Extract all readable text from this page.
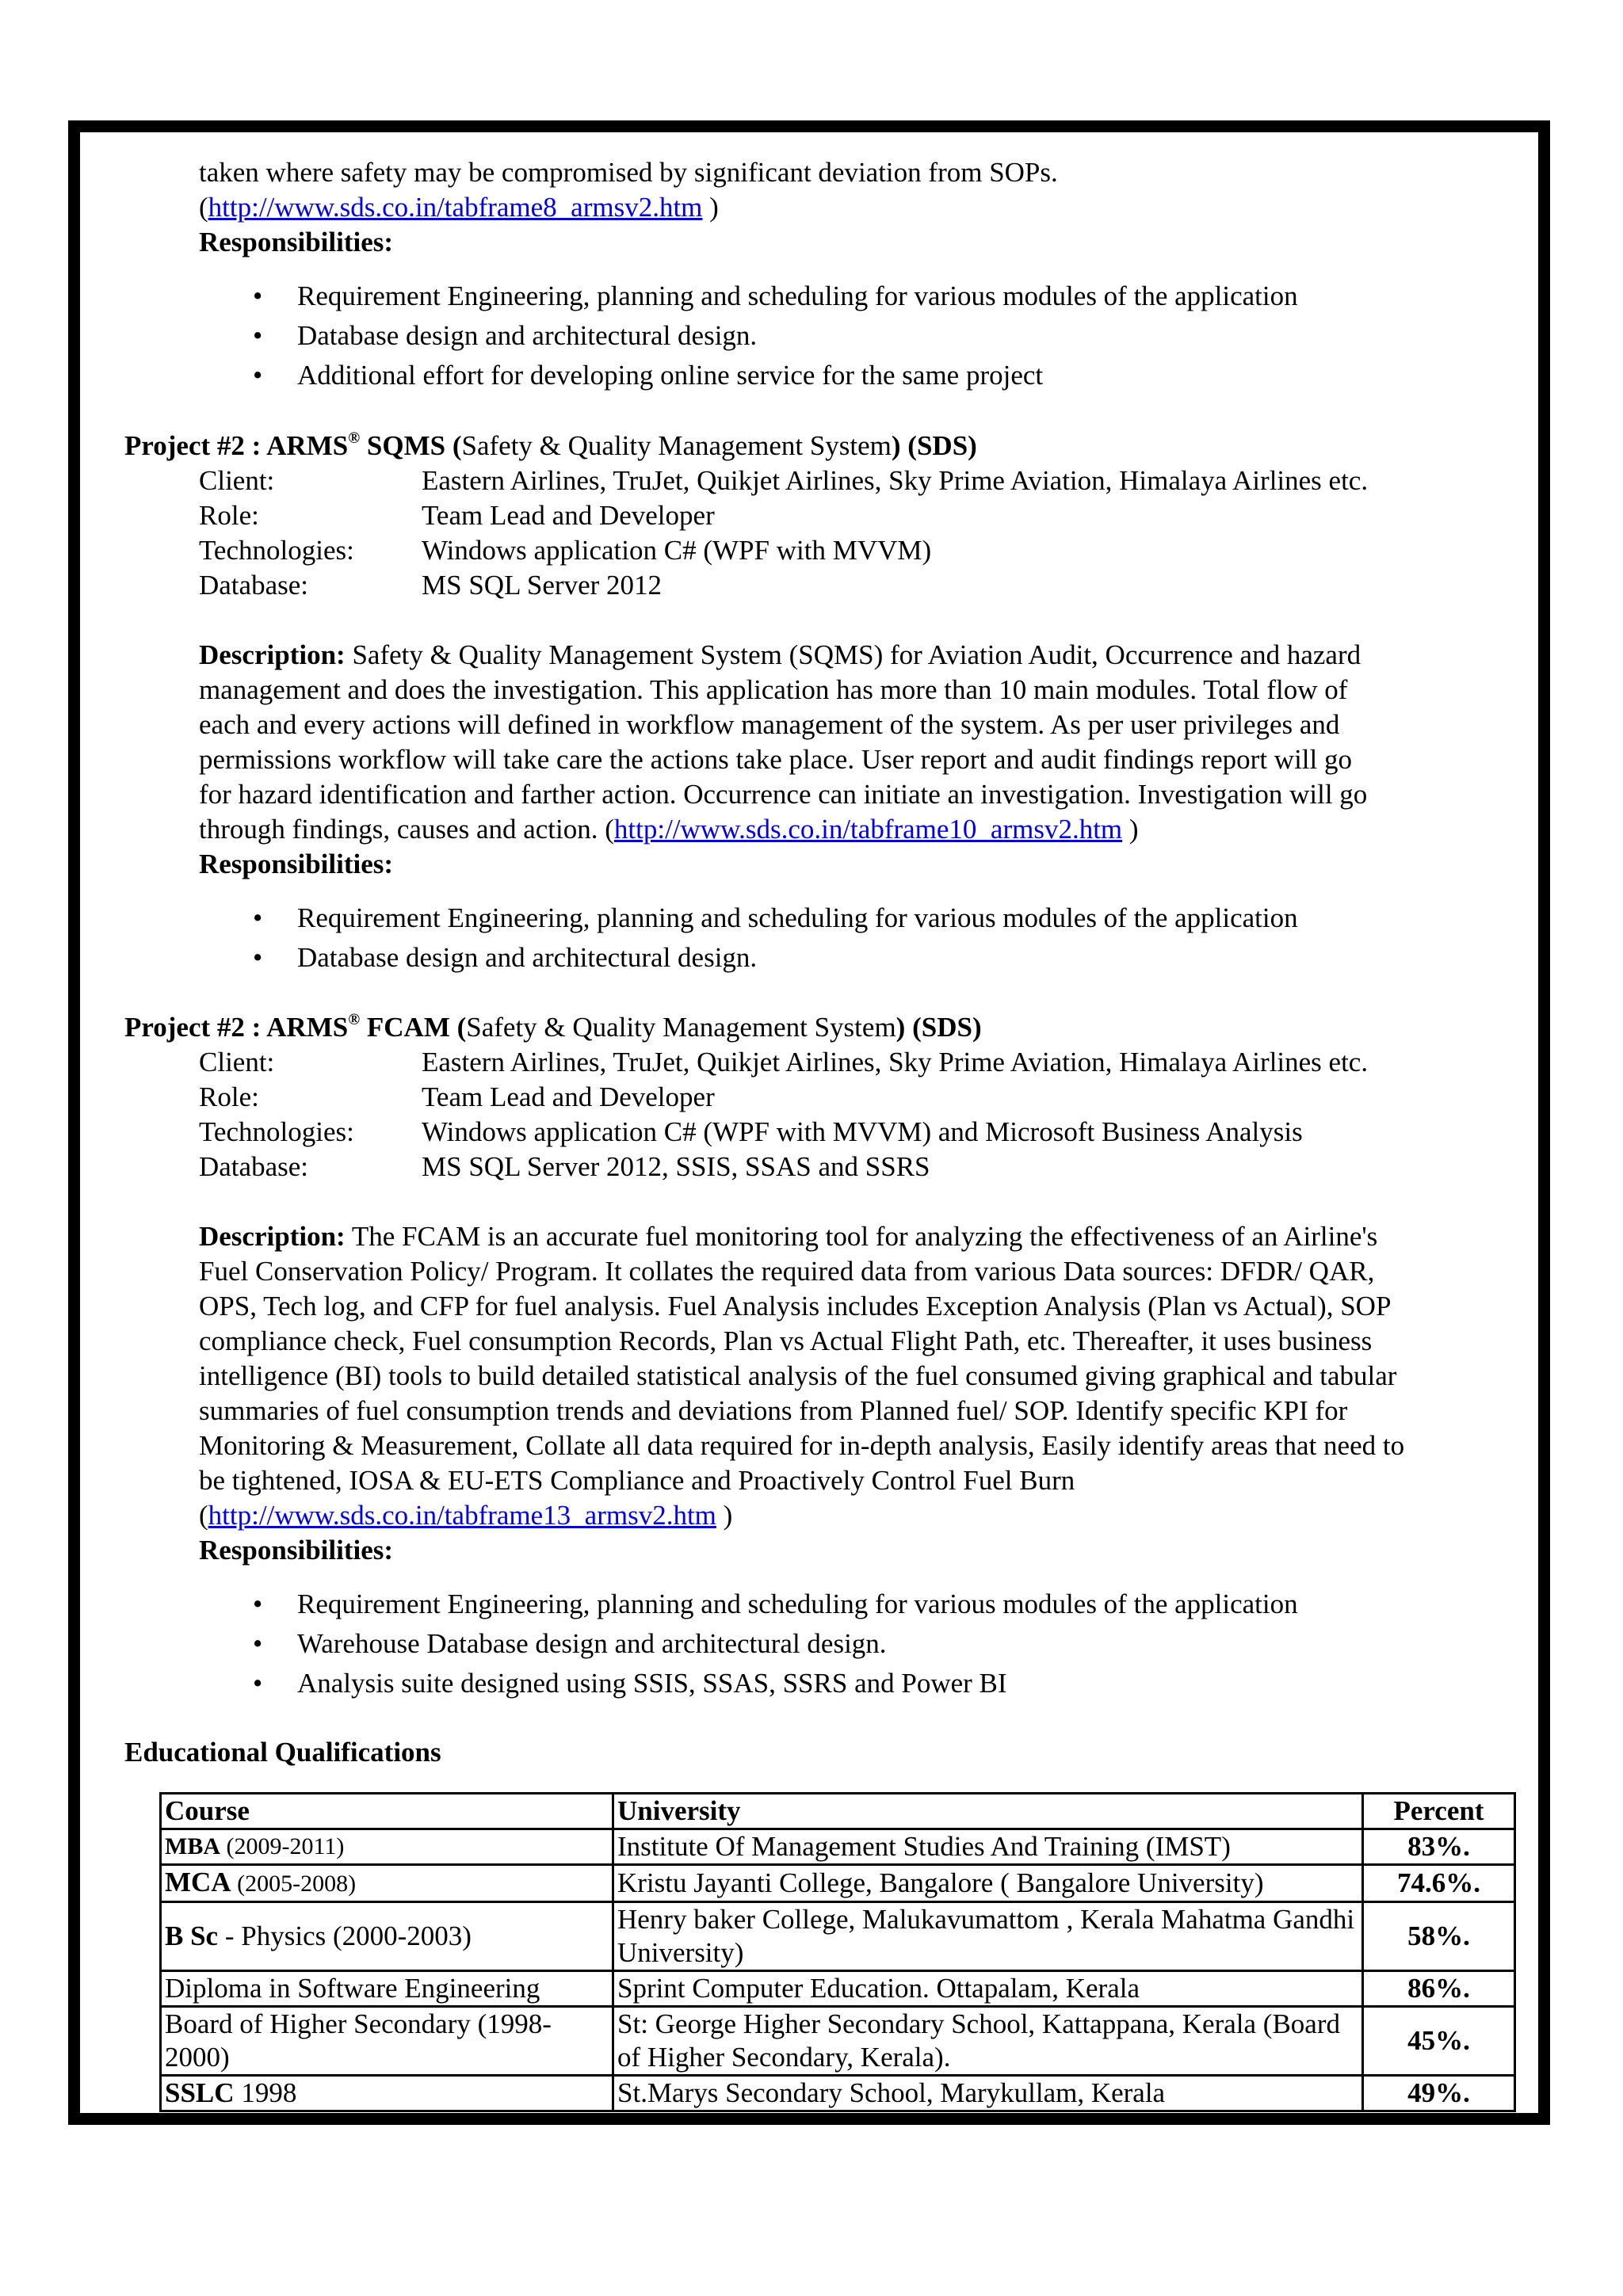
taken where safety may be compromised by significant deviation from SOPs.
(http://www.sds.co.in/tabframe8_armsv2.htm )
Responsibilities:
• Requirement Engineering, planning and scheduling for various modules of the application
• Database design and architectural design.
• Additional effort for developing online service for the same project
Project #2 : ARMS® SQMS (Safety & Quality Management System) (SDS)
Client:	Eastern Airlines, TruJet, Quikjet Airlines, Sky Prime Aviation, Himalaya Airlines etc.
Role:	Team Lead and Developer
Technologies: Windows application C# (WPF with MVVM)
Database:	MS SQL Server 2012
Description: Safety & Quality Management System (SQMS) for Aviation Audit, Occurrence and hazard
management and does the investigation. This application has more than 10 main modules. Total flow of
each and every actions will defined in workflow management of the system. As per user privileges and
permissions workflow will take care the actions take place. User report and audit findings report will go
for hazard identification and farther action. Occurrence can initiate an investigation. Investigation will go
through findings, causes and action. (http://www.sds.co.in/tabframe10_armsv2.htm )
Responsibilities:
• Requirement Engineering, planning and scheduling for various modules of the application
• Database design and architectural design.
Project #2 : ARMS® FCAM (Safety & Quality Management System) (SDS)
Client:	Eastern Airlines, TruJet, Quikjet Airlines, Sky Prime Aviation, Himalaya Airlines etc.
Role:	Team Lead and Developer
Technologies: Windows application C# (WPF with MVVM) and Microsoft Business Analysis
Database:	MS SQL Server 2012, SSIS, SSAS and SSRS
Description: The FCAM is an accurate fuel monitoring tool for analyzing the effectiveness of an Airline's
Fuel Conservation Policy/ Program. It collates the required data from various Data sources: DFDR/ QAR,
OPS, Tech log, and CFP for fuel analysis. Fuel Analysis includes Exception Analysis (Plan vs Actual), SOP
compliance check, Fuel consumption Records, Plan vs Actual Flight Path, etc. Thereafter, it uses business
intelligence (BI) tools to build detailed statistical analysis of the fuel consumed giving graphical and tabular
summaries of fuel consumption trends and deviations from Planned fuel/ SOP. Identify specific KPI for
Monitoring & Measurement, Collate all data required for in-depth analysis, Easily identify areas that need to
be tightened, IOSA & EU-ETS Compliance and Proactively Control Fuel Burn
(http://www.sds.co.in/tabframe13_armsv2.htm )
Responsibilities:
• Requirement Engineering, planning and scheduling for various modules of the application
• Warehouse Database design and architectural design.
• Analysis suite designed using SSIS, SSAS, SSRS and Power BI
Educational Qualifications
Course	University	Percent
MBA (2009-2011)	Institute Of Management Studies And Training (IMST)	83%.
MCA (2005-2008)	Kristu Jayanti College, Bangalore ( Bangalore University)	74.6%.
B Sc - Physics (2000-2003)	Henry baker College, Malukavumattom , Kerala Mahatma Gandhi University)	58%.
Diploma in Software Engineering	Sprint Computer Education. Ottapalam, Kerala	86%.
Board of Higher Secondary (1998-2000)	St: George Higher Secondary School, Kattappana, Kerala (Board of Higher Secondary, Kerala).	45%.
SSLC 1998	St.Marys Secondary School, Marykullam, Kerala	49%.
